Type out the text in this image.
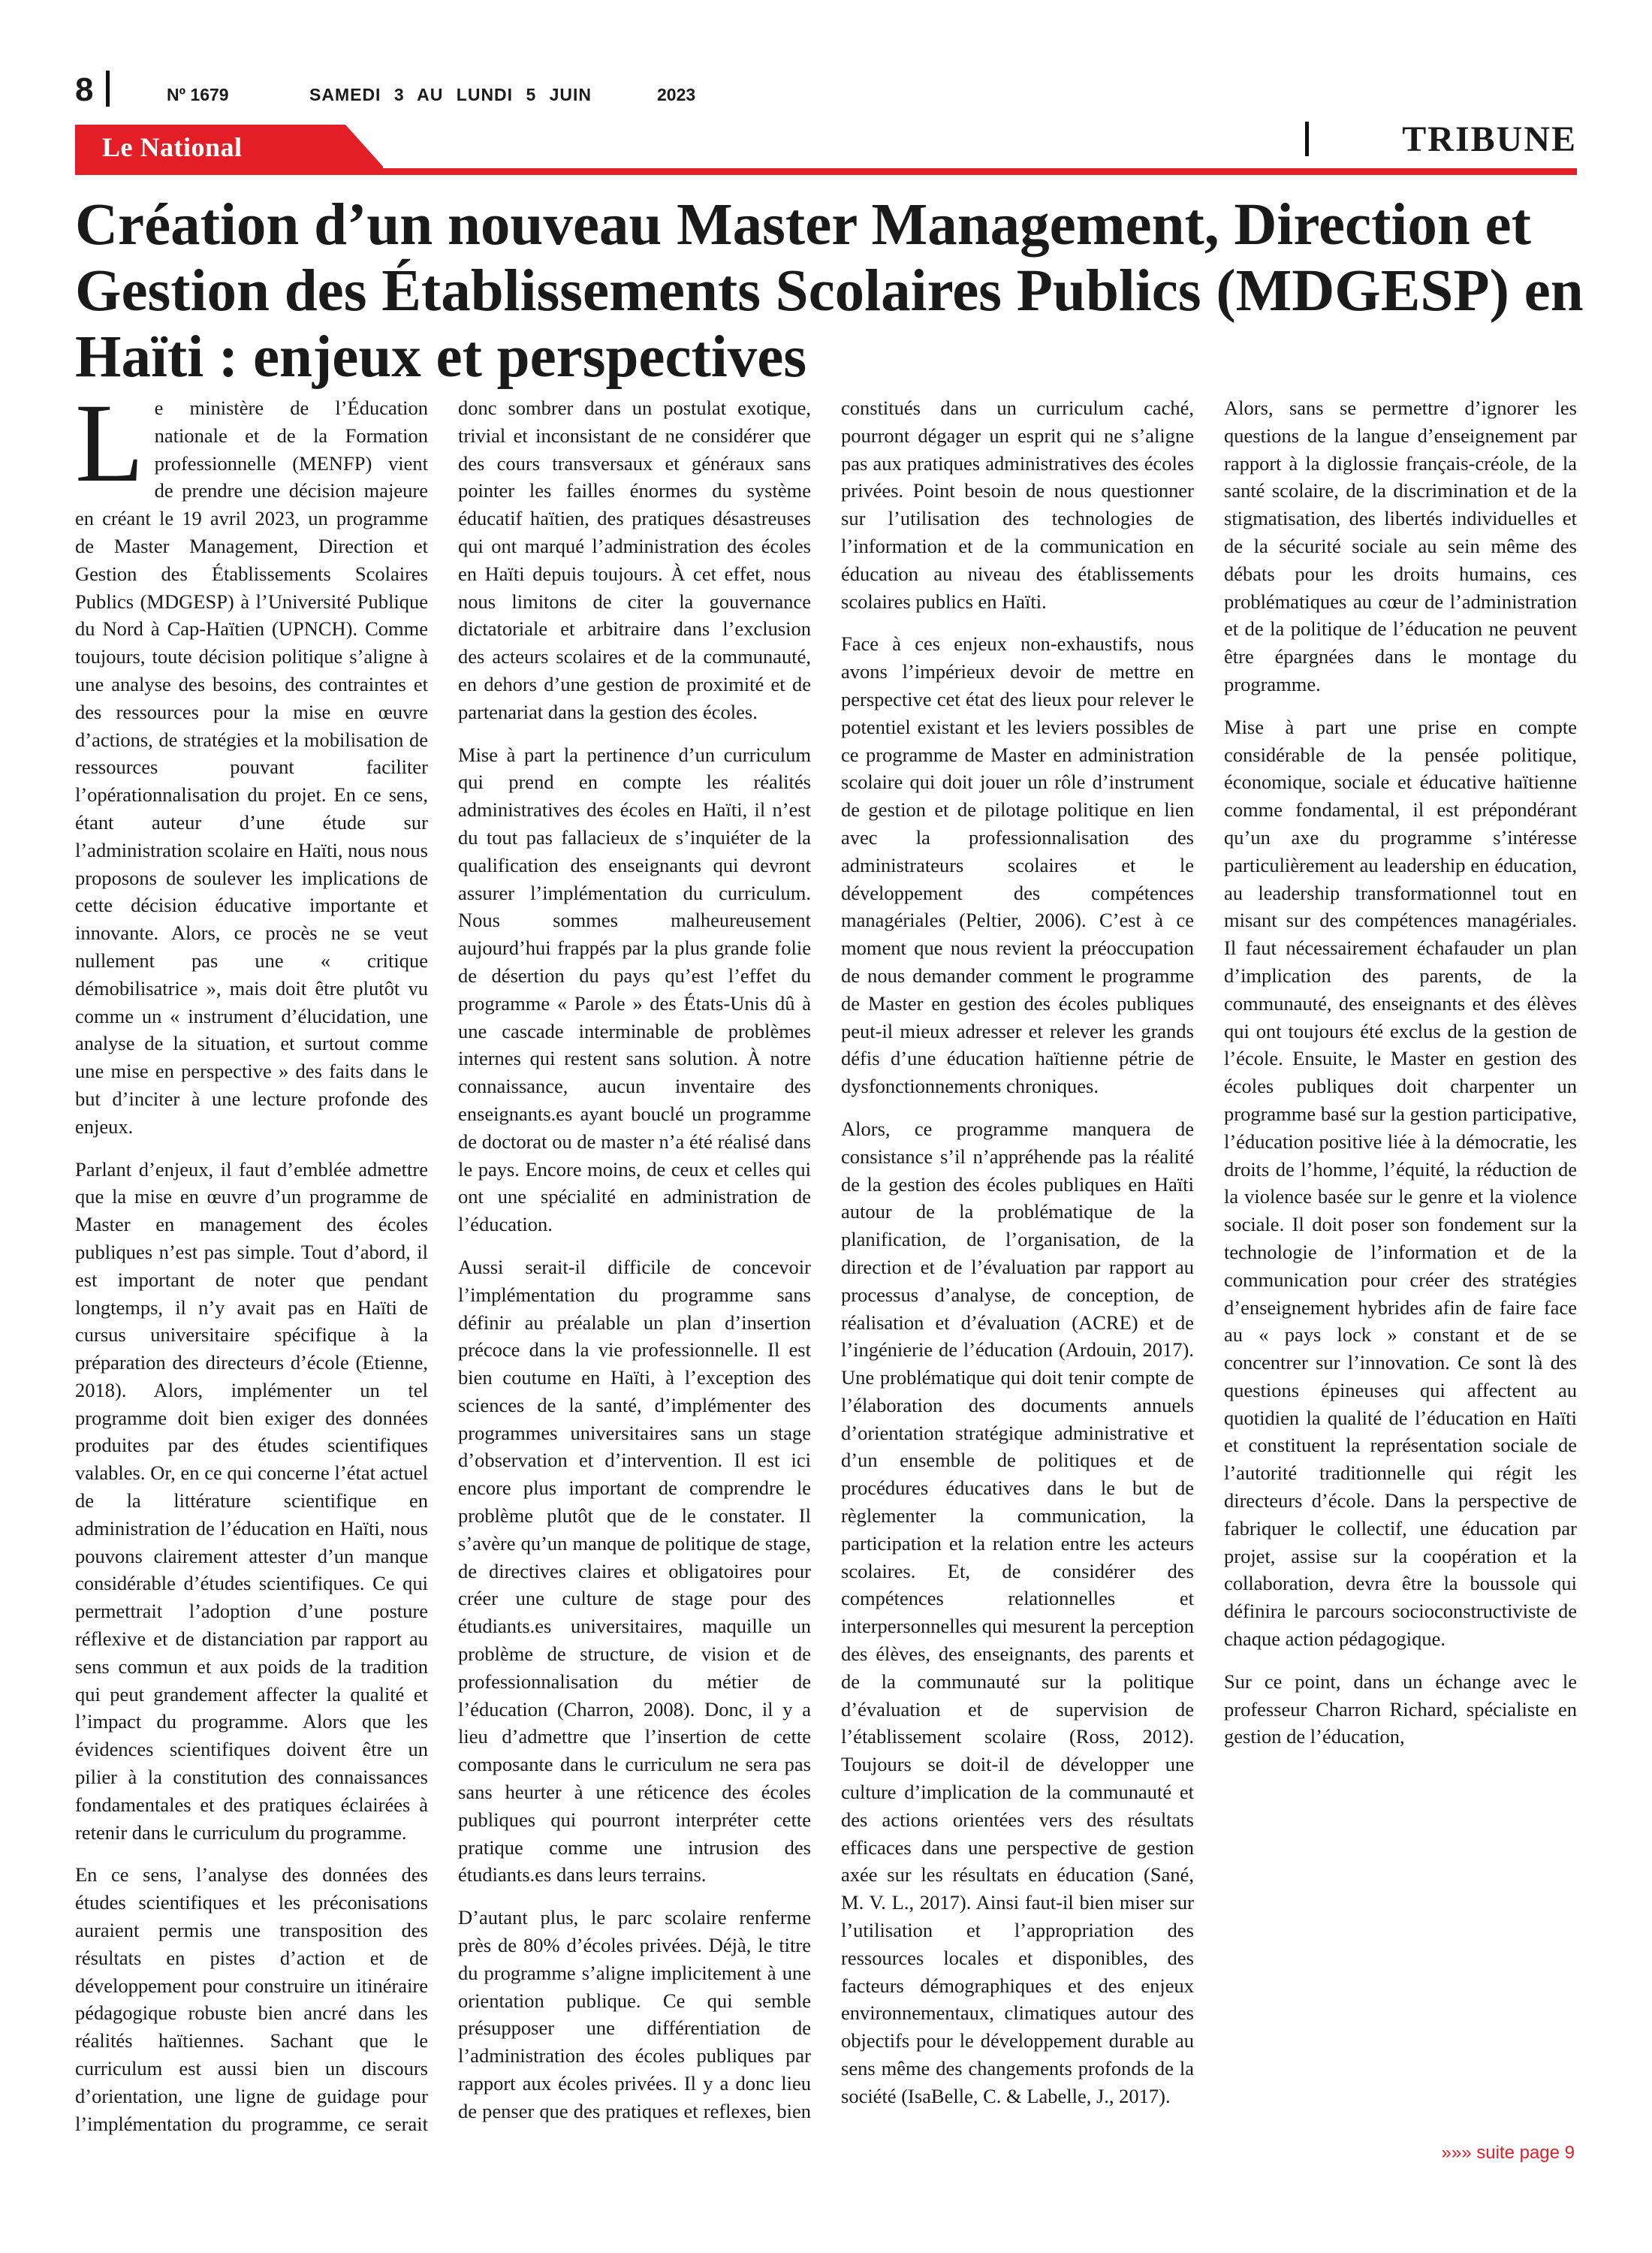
8	Nº 1679	SAMEDI 3 AU LUNDI 5 JUIN	2023
Le National	TRIBUNE
Création d’un nouveau Master Management, Direction et Gestion des Établissements Scolaires Publics (MDGESP) en Haïti : enjeux et perspectives

Le ministère de l’Éducation nationale et de la Formation professionnelle (MENFP) vient de prendre une décision majeure en créant le 19 avril 2023, un programme de Master Management, Direction et Gestion des Établissements Scolaires Publics (MDGESP) à l’Université Publique du Nord à Cap-Haïtien (UPNCH). Comme toujours, toute décision politique s’aligne à une analyse des besoins, des contraintes et des ressources pour la mise en œuvre d’actions, de stratégies et la mobilisation de ressources pouvant faciliter l’opérationnalisation du projet. En ce sens, étant auteur d’une étude sur l’administration scolaire en Haïti, nous nous proposons de soulever les implications de cette décision éducative importante et innovante. Alors, ce procès ne se veut nullement pas une « critique démobilisatrice », mais doit être plutôt vu comme un « instrument d’élucidation, une analyse de la situation, et surtout comme une mise en perspective » des faits dans le but d’inciter à une lecture profonde des enjeux.

Parlant d’enjeux, il faut d’emblée admettre que la mise en œuvre d’un programme de Master en management des écoles publiques n’est pas simple. Tout d’abord, il est important de noter que pendant longtemps, il n’y avait pas en Haïti de cursus universitaire spécifique à la préparation des directeurs d’école (Etienne, 2018). Alors, implémenter un tel programme doit bien exiger des données produites par des études scientifiques valables. Or, en ce qui concerne l’état actuel de la littérature scientifique en administration de l’éducation en Haïti, nous pouvons clairement attester d’un manque considérable d’études scientifiques. Ce qui permettrait l’adoption d’une posture réflexive et de distanciation par rapport au sens commun et aux poids de la tradition qui peut grandement affecter la qualité et l’impact du programme. Alors que les évidences scientifiques doivent être un pilier à la constitution des connaissances fondamentales et des pratiques éclairées à retenir dans le curriculum du programme.

En ce sens, l’analyse des données des études scientifiques et les préconisations auraient permis une transposition des résultats en pistes d’action et de développement pour construire un itinéraire pédagogique robuste bien ancré dans les réalités haïtiennes. Sachant que le curriculum est aussi bien un discours d’orientation, une ligne de guidage pour l’implémentation du programme, ce serait donc sombrer dans un postulat exotique, trivial et inconsistant de ne considérer que des cours transversaux et généraux sans pointer les failles énormes du système éducatif haïtien, des pratiques désastreuses qui ont marqué l’administration des écoles en Haïti depuis toujours. À cet effet, nous nous limitons de citer la gouvernance dictatoriale et arbitraire dans l’exclusion des acteurs scolaires et de la communauté, en dehors d’une gestion de proximité et de partenariat dans la gestion des écoles.

Mise à part la pertinence d’un curriculum qui prend en compte les réalités administratives des écoles en Haïti, il n’est du tout pas fallacieux de s’inquiéter de la qualification des enseignants qui devront assurer l’implémentation du curriculum. Nous sommes malheureusement aujourd’hui frappés par la plus grande folie de désertion du pays qu’est l’effet du programme « Parole » des États-Unis dû à une cascade interminable de problèmes internes qui restent sans solution. À notre connaissance, aucun inventaire des enseignants.es ayant bouclé un programme de doctorat ou de master n’a été réalisé dans le pays. Encore moins, de ceux et celles qui ont une spécialité en administration de l’éducation.

Aussi serait-il difficile de concevoir l’implémentation du programme sans définir au préalable un plan d’insertion précoce dans la vie professionnelle. Il est bien coutume en Haïti, à l’exception des sciences de la santé, d’implémenter des programmes universitaires sans un stage d’observation et d’intervention. Il est ici encore plus important de comprendre le problème plutôt que de le constater. Il s’avère qu’un manque de politique de stage, de directives claires et obligatoires pour créer une culture de stage pour des étudiants.es universitaires, maquille un problème de structure, de vision et de professionnalisation du métier de l’éducation (Charron, 2008). Donc, il y a lieu d’admettre que l’insertion de cette composante dans le curriculum ne sera pas sans heurter à une réticence des écoles publiques qui pourront interpréter cette pratique comme une intrusion des étudiants.es dans leurs terrains.

D’autant plus, le parc scolaire renferme près de 80% d’écoles privées. Déjà, le titre du programme s’aligne implicitement à une orientation publique. Ce qui semble présupposer une différentiation de l’administration des écoles publiques par rapport aux écoles privées. Il y a donc lieu de penser que des pratiques et reflexes, bien constitués dans un curriculum caché, pourront dégager un esprit qui ne s’aligne pas aux pratiques administratives des écoles privées. Point besoin de nous questionner sur l’utilisation des technologies de l’information et de la communication en éducation au niveau des établissements scolaires publics en Haïti.

Face à ces enjeux non-exhaustifs, nous avons l’impérieux devoir de mettre en perspective cet état des lieux pour relever le potentiel existant et les leviers possibles de ce programme de Master en administration scolaire qui doit jouer un rôle d’instrument de gestion et de pilotage politique en lien avec la professionnalisation des administrateurs scolaires et le développement des compétences managériales (Peltier, 2006). C’est à ce moment que nous revient la préoccupation de nous demander comment le programme de Master en gestion des écoles publiques peut-il mieux adresser et relever les grands défis d’une éducation haïtienne pétrie de dysfonctionnements chroniques.

Alors, ce programme manquera de consistance s’il n’appréhende pas la réalité de la gestion des écoles publiques en Haïti autour de la problématique de la planification, de l’organisation, de la direction et de l’évaluation par rapport au processus d’analyse, de conception, de réalisation et d’évaluation (ACRE) et de l’ingénierie de l’éducation (Ardouin, 2017). Une problématique qui doit tenir compte de l’élaboration des documents annuels d’orientation stratégique administrative et d’un ensemble de politiques et de procédures éducatives dans le but de règlementer la communication, la participation et la relation entre les acteurs scolaires. Et, de considérer des compétences relationnelles et interpersonnelles qui mesurent la perception des élèves, des enseignants, des parents et de la communauté sur la politique d’évaluation et de supervision de l’établissement scolaire (Ross, 2012). Toujours se doit-il de développer une culture d’implication de la communauté et des actions orientées vers des résultats efficaces dans une perspective de gestion axée sur les résultats en éducation (Sané, M. V. L., 2017). Ainsi faut-il bien miser sur l’utilisation et l’appropriation des ressources locales et disponibles, des facteurs démographiques et des enjeux environnementaux, climatiques autour des objectifs pour le développement durable au sens même des changements profonds de la société (IsaBelle, C. & Labelle, J., 2017).

Alors, sans se permettre d’ignorer les questions de la langue d’enseignement par rapport à la diglossie français-créole, de la santé scolaire, de la discrimination et de la stigmatisation, des libertés individuelles et de la sécurité sociale au sein même des débats pour les droits humains, ces problématiques au cœur de l’administration et de la politique de l’éducation ne peuvent être épargnées dans le montage du programme.

Mise à part une prise en compte considérable de la pensée politique, économique, sociale et éducative haïtienne comme fondamental, il est prépondérant qu’un axe du programme s’intéresse particulièrement au leadership en éducation, au leadership transformationnel tout en misant sur des compétences managériales. Il faut nécessairement échafauder un plan d’implication des parents, de la communauté, des enseignants et des élèves qui ont toujours été exclus de la gestion de l’école. Ensuite, le Master en gestion des écoles publiques doit charpenter un programme basé sur la gestion participative, l’éducation positive liée à la démocratie, les droits de l’homme, l’équité, la réduction de la violence basée sur le genre et la violence sociale. Il doit poser son fondement sur la technologie de l’information et de la communication pour créer des stratégies d’enseignement hybrides afin de faire face au « pays lock » constant et de se concentrer sur l’innovation. Ce sont là des questions épineuses qui affectent au quotidien la qualité de l’éducation en Haïti et constituent la représentation sociale de l’autorité traditionnelle qui régit les directeurs d’école. Dans la perspective de fabriquer le collectif, une éducation par projet, assise sur la coopération et la collaboration, devra être la boussole qui définira le parcours socioconstructiviste de chaque action pédagogique.

Sur ce point, dans un échange avec le professeur Charron Richard, spécialiste en gestion de l’éducation,

»»» suite page 9
